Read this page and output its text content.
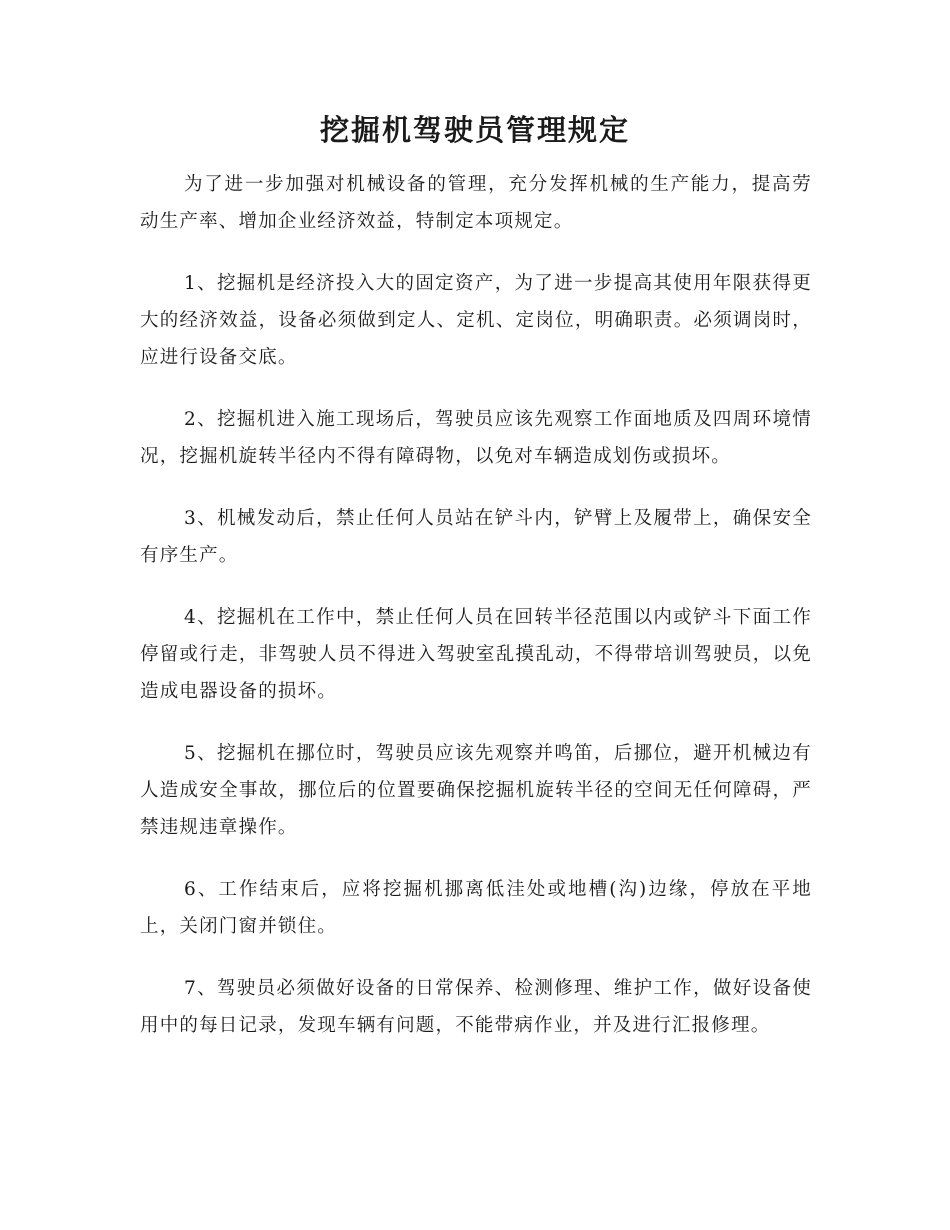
挖掘机驾驶员管理规定

为了进一步加强对机械设备的管理，充分发挥机械的生产能力，提高劳动生产率、增加企业经济效益，特制定本项规定。

1、挖掘机是经济投入大的固定资产，为了进一步提高其使用年限获得更大的经济效益，设备必须做到定人、定机、定岗位，明确职责。必须调岗时，应进行设备交底。

2、挖掘机进入施工现场后，驾驶员应该先观察工作面地质及四周环境情况，挖掘机旋转半径内不得有障碍物，以免对车辆造成划伤或损坏。

3、机械发动后，禁止任何人员站在铲斗内，铲臂上及履带上，确保安全有序生产。

4、挖掘机在工作中，禁止任何人员在回转半径范围以内或铲斗下面工作停留或行走，非驾驶人员不得进入驾驶室乱摸乱动，不得带培训驾驶员，以免造成电器设备的损坏。

5、挖掘机在挪位时，驾驶员应该先观察并鸣笛，后挪位，避开机械边有人造成安全事故，挪位后的位置要确保挖掘机旋转半径的空间无任何障碍，严禁违规违章操作。

6、工作结束后，应将挖掘机挪离低洼处或地槽(沟)边缘，停放在平地上，关闭门窗并锁住。

7、驾驶员必须做好设备的日常保养、检测修理、维护工作，做好设备使用中的每日记录，发现车辆有问题，不能带病作业，并及进行汇报修理。
